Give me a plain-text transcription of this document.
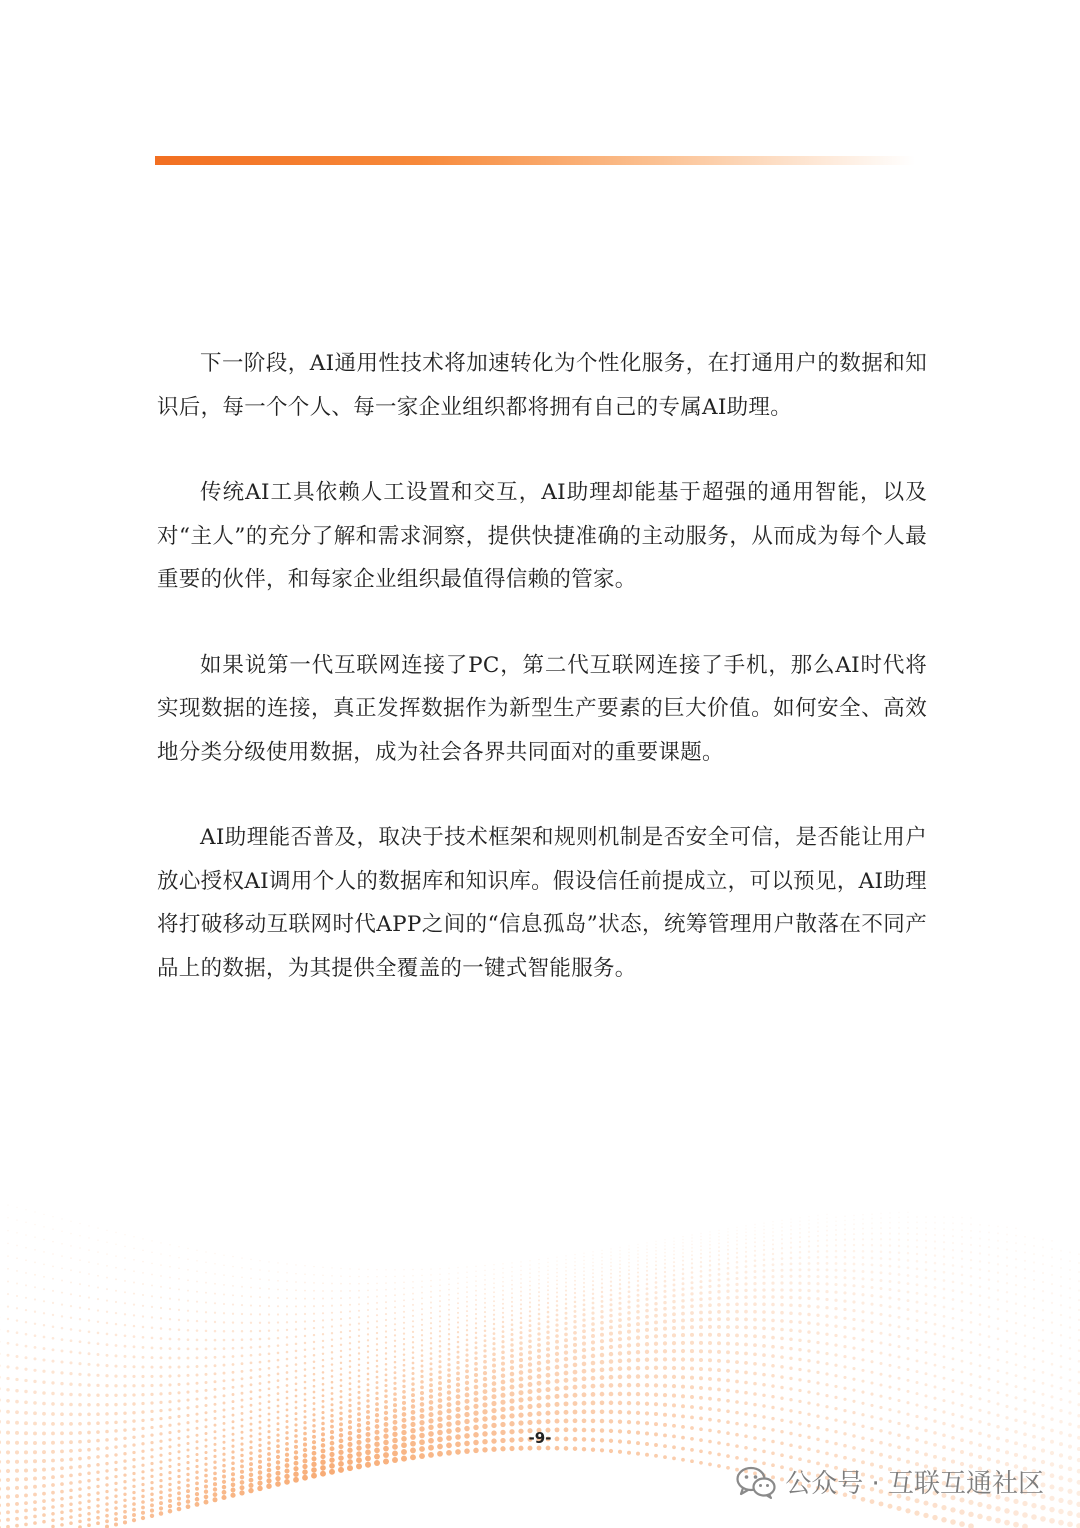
下一阶段，AI通用性技术将加速转化为个性化服务，在打通用户的数据和知识后，每一个个人、每一家企业组织都将拥有自己的专属AI助理。

传统AI工具依赖人工设置和交互，AI助理却能基于超强的通用智能，以及对“主人”的充分了解和需求洞察，提供快捷准确的主动服务，从而成为每个人最重要的伙伴，和每家企业组织最值得信赖的管家。

如果说第一代互联网连接了PC，第二代互联网连接了手机，那么AI时代将实现数据的连接，真正发挥数据作为新型生产要素的巨大价值。如何安全、高效地分类分级使用数据，成为社会各界共同面对的重要课题。

AI助理能否普及，取决于技术框架和规则机制是否安全可信，是否能让用户放心授权AI调用个人的数据库和知识库。假设信任前提成立，可以预见，AI助理将打破移动互联网时代APP之间的“信息孤岛”状态，统筹管理用户散落在不同产品上的数据，为其提供全覆盖的一键式智能服务。

-9-
公众号 · 互联互通社区
